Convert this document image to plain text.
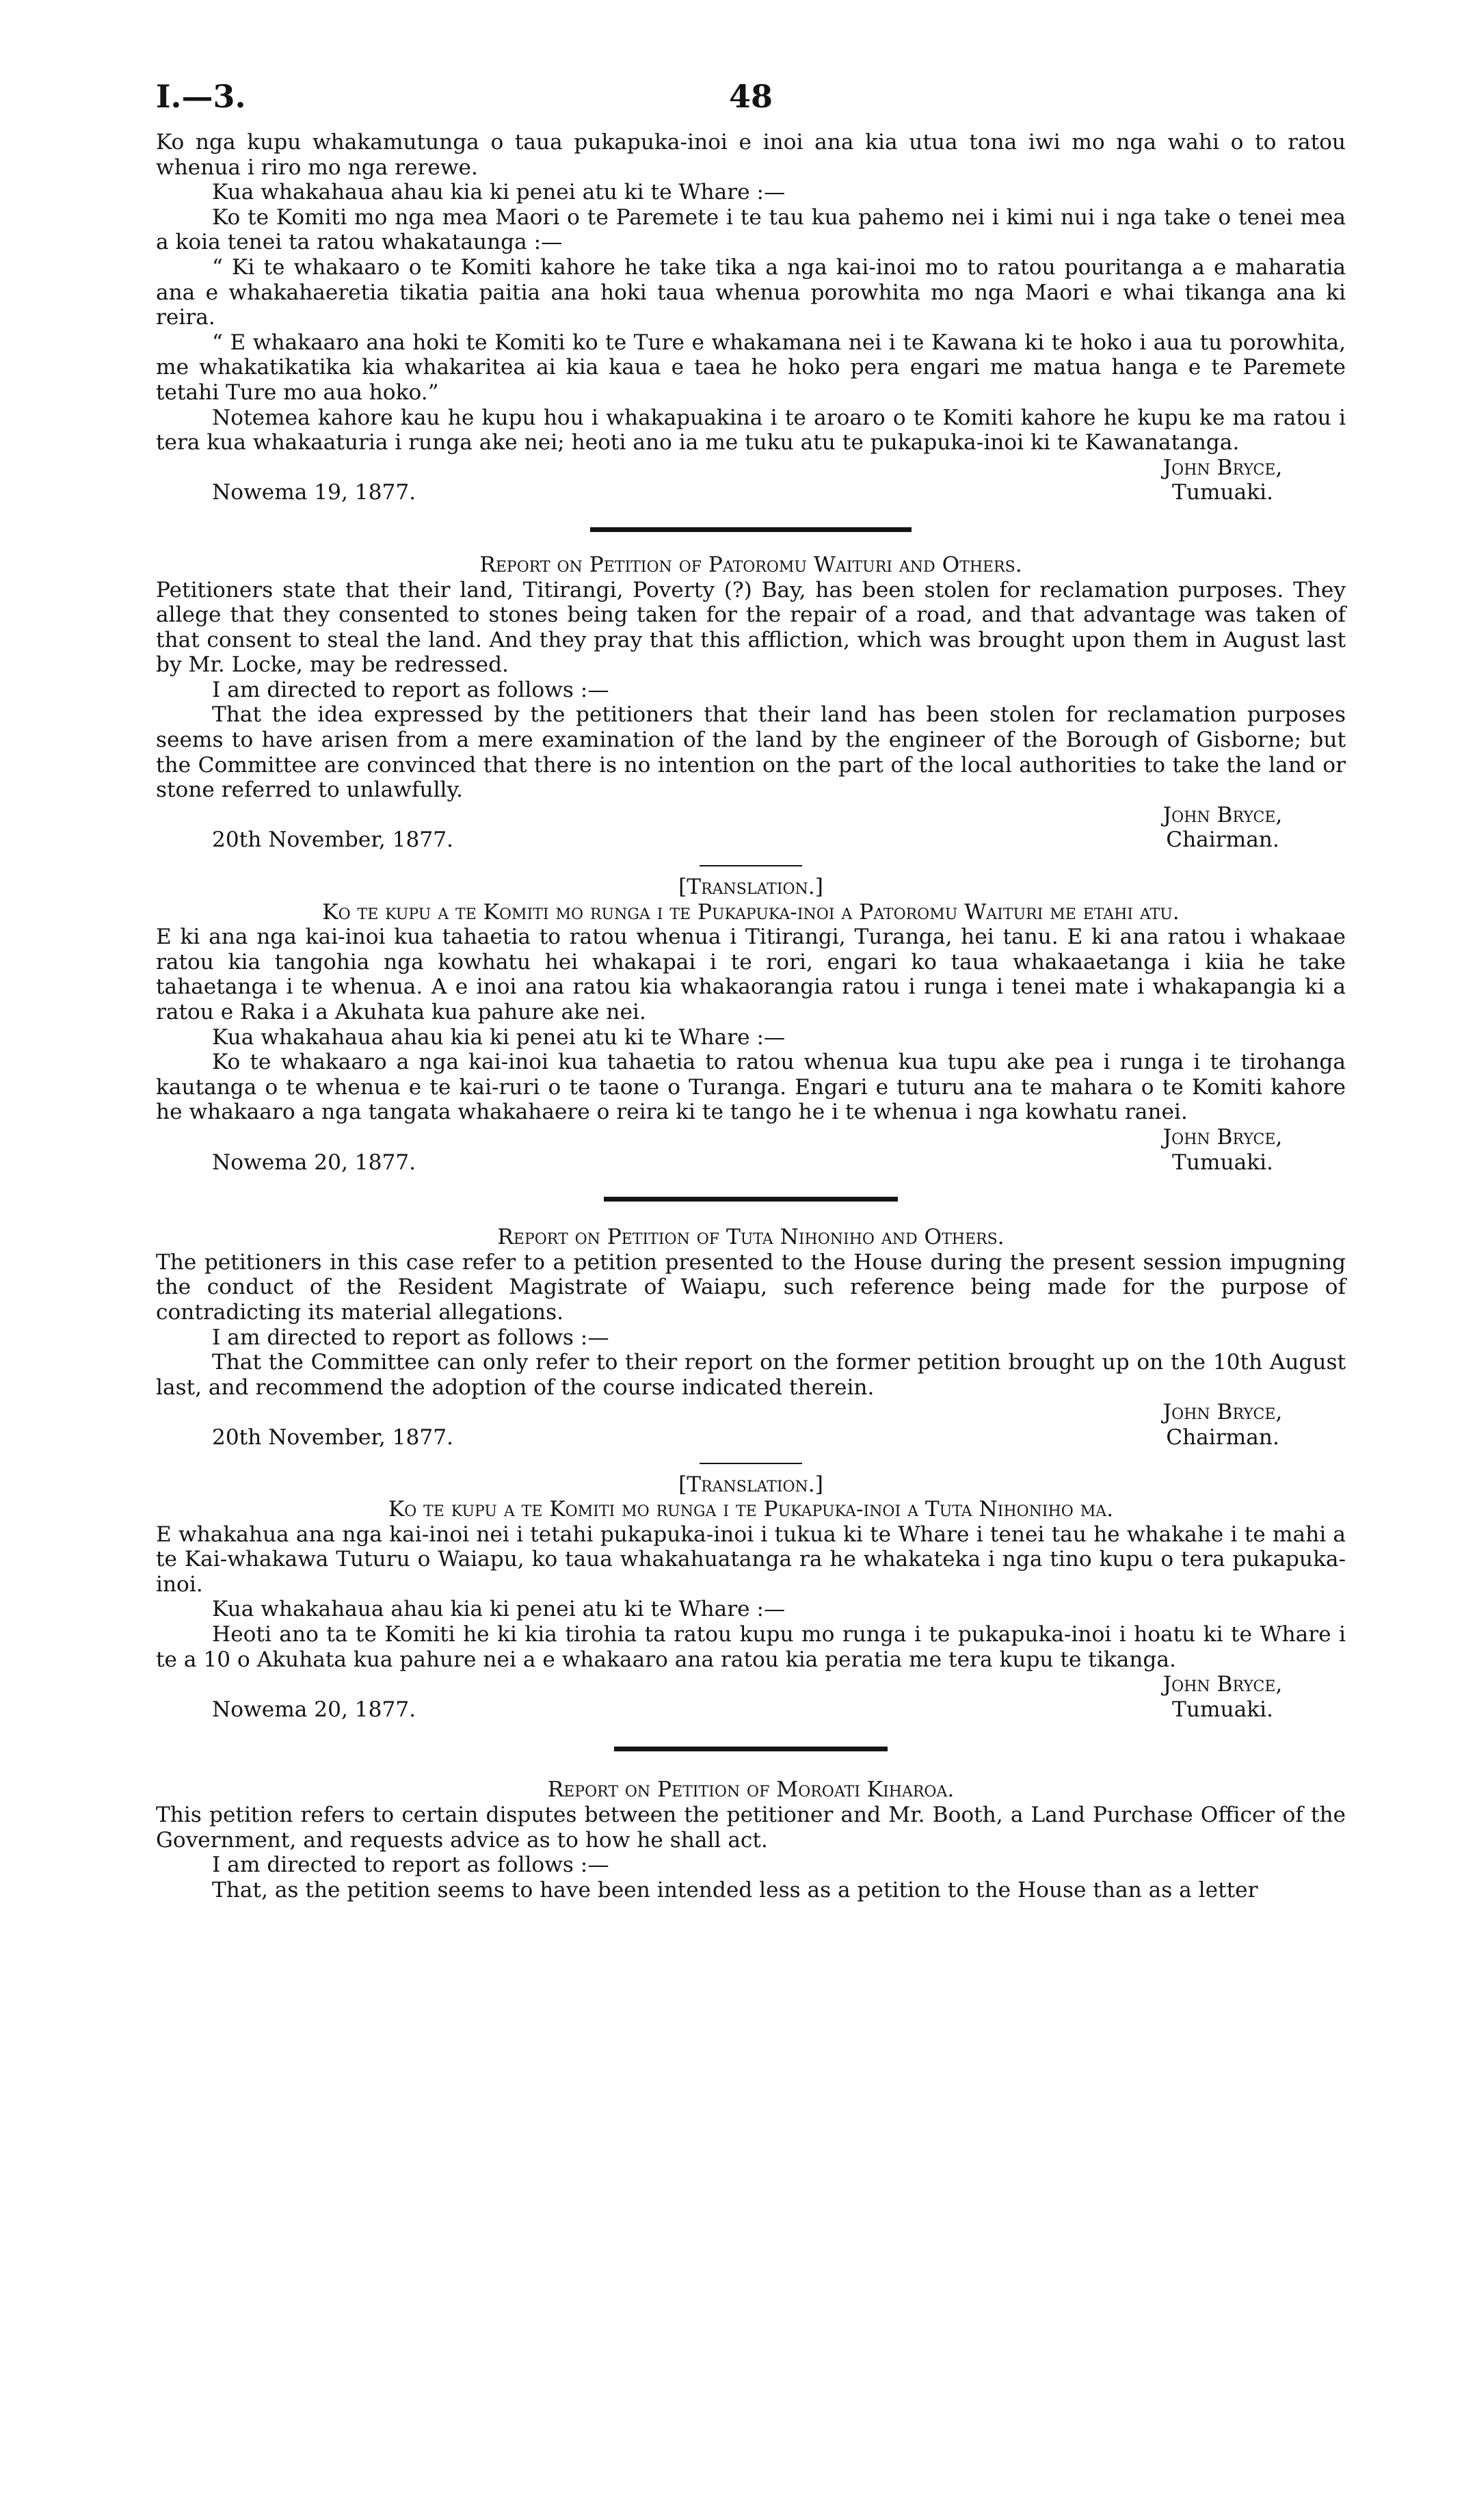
I.—3.	48

Ko nga kupu whakamutunga o taua pukapuka-inoi e inoi ana kia utua tona iwi mo nga wahi o to ratou whenua i riro mo nga rerewe.

Kua whakahaua ahau kia ki penei atu ki te Whare :—

Ko te Komiti mo nga mea Maori o te Paremete i te tau kua pahemo nei i kimi nui i nga take o tenei mea a koia tenei ta ratou whakataunga :—

“ Ki te whakaaro o te Komiti kahore he take tika a nga kai-inoi mo to ratou pouritanga a e maharatia ana e whakahaeretia tikatia paitia ana hoki taua whenua porowhita mo nga Maori e whai tikanga ana ki reira.

“ E whakaaro ana hoki te Komiti ko te Ture e whakamana nei i te Kawana ki te hoko i aua tu porowhita, me whakatikatika kia whakaritea ai kia kaua e taea he hoko pera engari me matua hanga e te Paremete tetahi Ture mo aua hoko.”

Notemea kahore kau he kupu hou i whakapuakina i te aroaro o te Komiti kahore he kupu ke ma ratou i tera kua whakaaturia i runga ake nei; heoti ano ia me tuku atu te pukapuka-inoi ki te Kawanatanga.

John Bryce,
Nowema 19, 1877.	Tumuaki.
Report on Petition of Patoromu Waituri and Others.

Petitioners state that their land, Titirangi, Poverty (?) Bay, has been stolen for reclamation purposes. They allege that they consented to stones being taken for the repair of a road, and that advantage was taken of that consent to steal the land. And they pray that this affliction, which was brought upon them in August last by Mr. Locke, may be redressed.

I am directed to report as follows :—

That the idea expressed by the petitioners that their land has been stolen for reclamation purposes seems to have arisen from a mere examination of the land by the engineer of the Borough of Gisborne; but the Committee are convinced that there is no intention on the part of the local authorities to take the land or stone referred to unlawfully.

John Bryce,
20th November, 1877.	Chairman.
[Translation.]
Ko te kupu a te Komiti mo runga i te Pukapuka-inoi a Patoromu Waituri me etahi atu.

E ki ana nga kai-inoi kua tahaetia to ratou whenua i Titirangi, Turanga, hei tanu. E ki ana ratou i whakaae ratou kia tangohia nga kowhatu hei whakapai i te rori, engari ko taua whakaaetanga i kiia he take tahaetanga i te whenua. A e inoi ana ratou kia whakaorangia ratou i runga i tenei mate i whakapangia ki a ratou e Raka i a Akuhata kua pahure ake nei.

Kua whakahaua ahau kia ki penei atu ki te Whare :—

Ko te whakaaro a nga kai-inoi kua tahaetia to ratou whenua kua tupu ake pea i runga i te tirohanga kautanga o te whenua e te kai-ruri o te taone o Turanga. Engari e tuturu ana te mahara o te Komiti kahore he whakaaro a nga tangata whakahaere o reira ki te tango he i te whenua i nga kowhatu ranei.

John Bryce,
Nowema 20, 1877.	Tumuaki.
Report on Petition of Tuta Nihoniho and Others.

The petitioners in this case refer to a petition presented to the House during the present session impugning the conduct of the Resident Magistrate of Waiapu, such reference being made for the purpose of contradicting its material allegations.

I am directed to report as follows :—

That the Committee can only refer to their report on the former petition brought up on the 10th August last, and recommend the adoption of the course indicated therein.

John Bryce,
20th November, 1877.	Chairman.
[Translation.]
Ko te kupu a te Komiti mo runga i te Pukapuka-inoi a Tuta Nihoniho ma.

E whakahua ana nga kai-inoi nei i tetahi pukapuka-inoi i tukua ki te Whare i tenei tau he whakahe i te mahi a te Kai-whakawa Tuturu o Waiapu, ko taua whakahuatanga ra he whakateka i nga tino kupu o tera pukapuka-inoi.

Kua whakahaua ahau kia ki penei atu ki te Whare :—

Heoti ano ta te Komiti he ki kia tirohia ta ratou kupu mo runga i te pukapuka-inoi i hoatu ki te Whare i te a 10 o Akuhata kua pahure nei a e whakaaro ana ratou kia peratia me tera kupu te tikanga.

John Bryce,
Nowema 20, 1877.	Tumuaki.
Report on Petition of Moroati Kiharoa.

This petition refers to certain disputes between the petitioner and Mr. Booth, a Land Purchase Officer of the Government, and requests advice as to how he shall act.

I am directed to report as follows :—

That, as the petition seems to have been intended less as a petition to the House than as a letter
